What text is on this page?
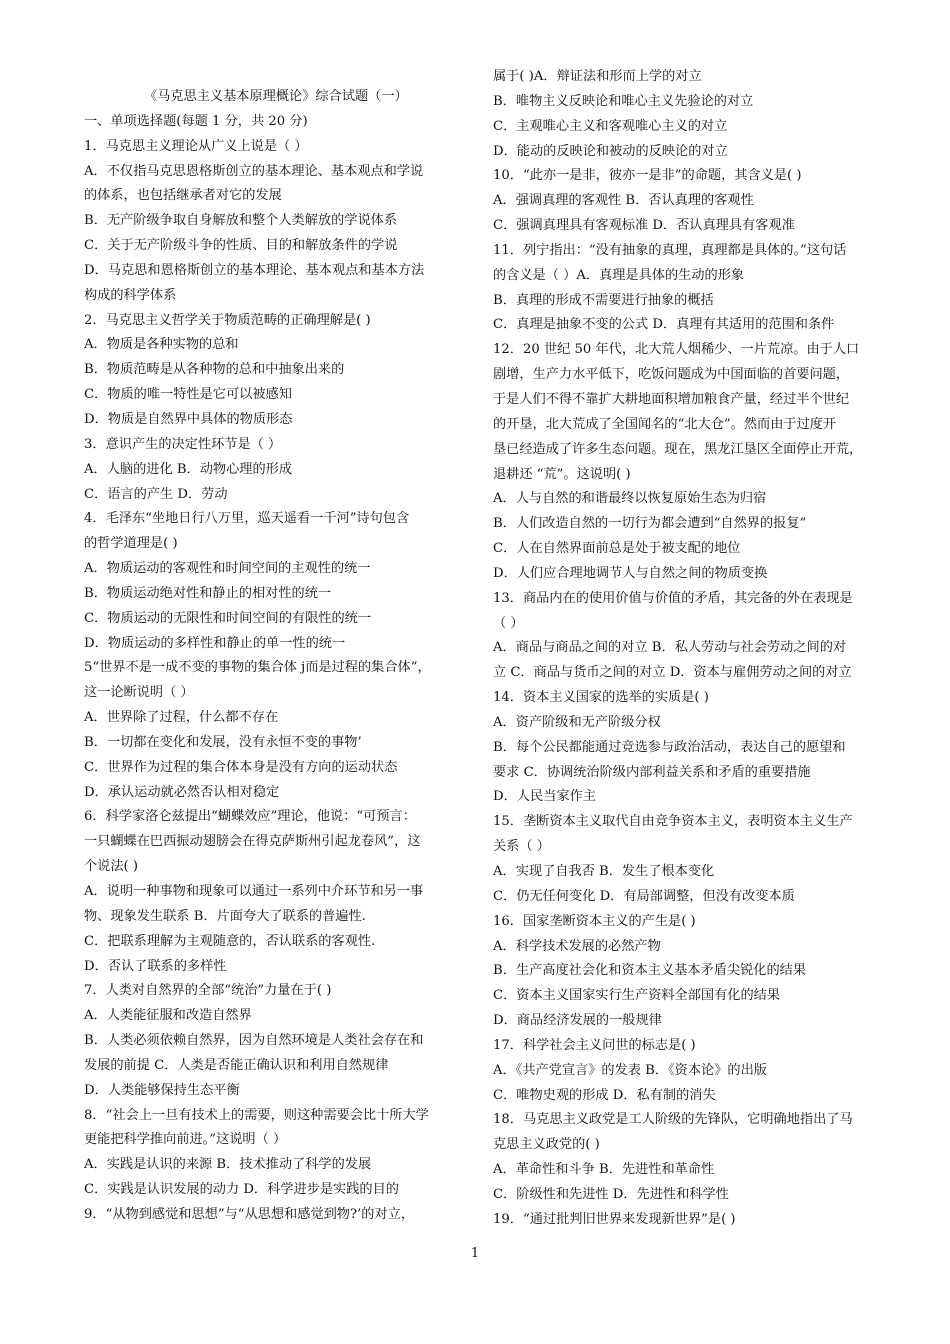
《马克思主义基本原理概论》综合试题（一）
一、单项选择题(每题 1 分，共 20 分)
1．马克思主义理论从广义上说是（ ）
A．不仅指马克思恩格斯创立的基本理论、基本观点和学说
的体系，也包括继承者对它的发展
B．无产阶级争取自身解放和整个人类解放的学说体系
C．关于无产阶级斗争的性质、目的和解放条件的学说
D．马克思和恩格斯创立的基本理论、基本观点和基本方法
构成的科学体系
2．马克思主义哲学关于物质范畴的正确理解是( )
A．物质是各种实物的总和
B．物质范畴是从各种物的总和中抽象出来的
C．物质的唯一特性是它可以被感知
D．物质是自然界中具体的物质形态
3．意识产生的决定性环节是（ ）
A．人脑的进化 B．动物心理的形成
C．语言的产生 D．劳动
4．毛泽东“坐地日行八万里，巡天遥看一千河”诗句包含
的哲学道理是( )
A．物质运动的客观性和时间空间的主观性的统一
B．物质运动绝对性和静止的相对性的统一
C．物质运动的无限性和时间空间的有限性的统一
D．物质运动的多样性和静止的单一性的统一
5“世界不是一成不变的事物的集合体 j而是过程的集合体”，
这一论断说明（ ）
A．世界除了过程，什么都不存在
B．一切都在变化和发展，没有永恒不变的事物’
C．世界作为过程的集合体本身是没有方向的运动状态
D．承认运动就必然否认相对稳定
6．科学家洛仑兹提出“蝴蝶效应”理论，他说：“可预言：
一只蝴蝶在巴西振动翅膀会在得克萨斯州引起龙卷风”，这
个说法( )
A．说明一种事物和现象可以通过一系列中介环节和另一事
物、现象发生联系 B．片面夸大了联系的普遍性.
C．把联系理解为主观随意的，否认联系的客观性.
D．否认了联系的多样性
7．人类对自然界的全部“统治”力量在于( )
A．人类能征服和改造自然界
B．人类必须依赖自然界，因为自然环境是人类社会存在和
发展的前提 C．人类是否能正确认识和利用自然规律
D．人类能够保持生态平衡
8．“社会上一旦有技术上的需要，则这种需要会比十所大学
更能把科学推向前进。”这说明（ ）
A．实践是认识的来源 B．技术推动了科学的发展
C．实践是认识发展的动力 D．科学进步是实践的目的
9．“从物到感觉和思想”与“从思想和感觉到物?’的对立，
属于( )A．辩证法和形而上学的对立
B．唯物主义反映论和唯心主义先验论的对立
C．主观唯心主义和客观唯心主义的对立
D．能动的反映论和被动的反映论的对立
10．“此亦一是非，彼亦一是非”的命题，其含义是( )
A．强调真理的客观性 B．否认真理的客观性
C．强调真理具有客观标准 D．否认真理具有客观准
11．列宁指出：“没有抽象的真理，真理都是具体的。”这句话
的含义是（ ）A．真理是具体的生动的形象
B．真理的形成不需要进行抽象的概括
C．真理是抽象不变的公式 D．真理有其适用的范围和条件
12．20 世纪 50 年代，北大荒人烟稀少、一片荒凉。由于人口
剧增，生产力水平低下，吃饭问题成为中国面临的首要问题，
于是人们不得不靠扩大耕地面积增加粮食产量，经过半个世纪
的开垦，北大荒成了全国闻名的“北大仓”。然而由于过度开
垦已经造成了许多生态问题。现在，黑龙江垦区全面停止开荒，
退耕还 “荒”。这说明( )
A．人与自然的和谐最终以恢复原始生态为归宿
B．人们改造自然的一切行为都会遭到“自然界的报复”
C．人在自然界面前总是处于被支配的地位
D．人们应合理地调节人与自然之间的物质变换
13．商品内在的使用价值与价值的矛盾，其完备的外在表现是
（ ）
A．商品与商品之间的对立 B．私人劳动与社会劳动之间的对
立 C．商品与货币之间的对立 D．资本与雇佣劳动之间的对立
14．资本主义国家的选举的实质是( )
A．资产阶级和无产阶级分权
B．每个公民都能通过竞选参与政治活动，表达自己的愿望和
要求 C．协调统治阶级内部利益关系和矛盾的重要措施
D．人民当家作主
15．垄断资本主义取代自由竞争资本主义，表明资本主义生产
关系（ ）
A．实现了自我否 B．发生了根本变化
C．仍无任何变化 D．有局部调整，但没有改变本质
16．国家垄断资本主义的产生是( )
A．科学技术发展的必然产物
B．生产高度社会化和资本主义基本矛盾尖锐化的结果
C．资本主义国家实行生产资料全部国有化的结果
D．商品经济发展的一般规律
17．科学社会主义问世的标志是( )
A．《共产党宣言》的发表 B．《资本论》的出版
C．唯物史观的形成 D．私有制的消失
18．马克思主义政党是工人阶级的先锋队，它明确地指出了马
克思主义政党的( )
A．革命性和斗争 B．先进性和革命性
C．阶级性和先进性 D．先进性和科学性
19．“通过批判旧世界来发现新世界”是( )
1
